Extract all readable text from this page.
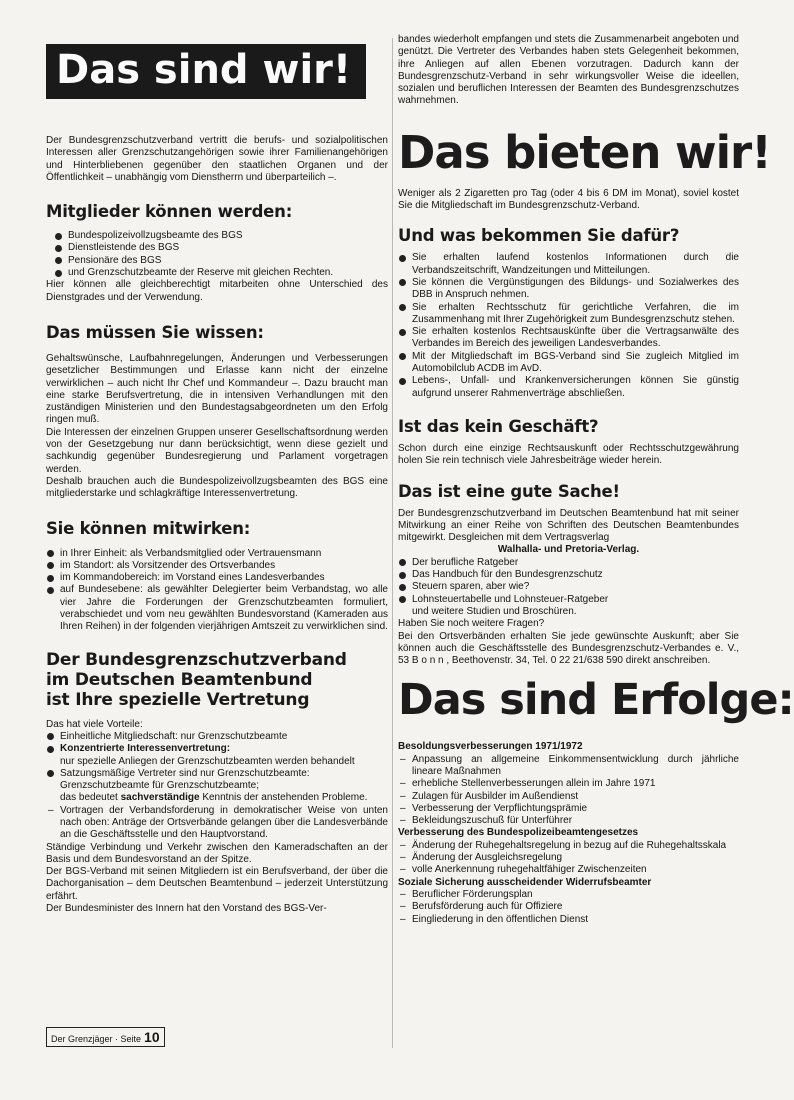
Das sind wir!

Der Bundesgrenzschutzverband vertritt die berufs- und sozialpolitischen Interessen aller Grenzschutzangehörigen sowie ihrer Familienangehörigen und Hinterbliebenen gegenüber den staatlichen Organen und der Öffentlichkeit – unabhängig vom Dienstherrn und überparteilich –.

Mitglieder können werden:
Bundespolizeivollzugsbeamte des BGS
Dienstleistende des BGS
Pensionäre des BGS
und Grenzschutzbeamte der Reserve mit gleichen Rechten.

Hier können alle gleichberechtigt mitarbeiten ohne Unterschied des Dienstgrades und der Verwendung.

Das müssen Sie wissen:

Gehaltswünsche, Laufbahnregelungen, Änderungen und Verbesserungen gesetzlicher Bestimmungen und Erlasse kann nicht der einzelne verwirklichen – auch nicht Ihr Chef und Kommandeur –. Dazu braucht man eine starke Berufsvertretung, die in intensiven Verhandlungen mit den zuständigen Ministerien und den Bundestagsabgeordneten um den Erfolg ringen muß.

Die Interessen der einzelnen Gruppen unserer Gesellschaftsordnung werden von der Gesetzgebung nur dann berücksichtigt, wenn diese gezielt und sachkundig gegenüber Bundesregierung und Parlament vorgetragen werden.

Deshalb brauchen auch die Bundespolizeivollzugsbeamten des BGS eine mitgliederstarke und schlagkräftige Interessenvertretung.

Sie können mitwirken:
in Ihrer Einheit: als Verbandsmitglied oder Vertrauensmann
im Standort: als Vorsitzender des Ortsverbandes
im Kommandobereich: im Vorstand eines Landesverbandes
auf Bundesebene: als gewählter Delegierter beim Verbandstag, wo alle vier Jahre die Forderungen der Grenzschutzbeamten formuliert, verabschiedet und vom neu gewählten Bundesvorstand (Kameraden aus Ihren Reihen) in der folgenden vierjährigen Amtszeit zu verwirklichen sind.
Der Bundesgrenzschutzverband
im Deutschen Beamtenbund
ist Ihre spezielle Vertretung

Das hat viele Vorteile:

Einheitliche Mitgliedschaft: nur Grenzschutzbeamte
Konzentrierte Interessenvertretung:
nur spezielle Anliegen der Grenzschutzbeamten werden behandelt
Satzungsmäßige Vertreter sind nur Grenzschutzbeamte:
Grenzschutzbeamte für Grenzschutzbeamte;
das bedeutet sachverständige Kenntnis der anstehenden Probleme.
– Vortragen der Verbandsforderung in demokratischer Weise von unten nach oben: Anträge der Ortsverbände gelangen über die Landesverbände an die Geschäftsstelle und den Hauptvorstand.

Ständige Verbindung und Verkehr zwischen den Kameradschaften an der Basis und dem Bundesvorstand an der Spitze.

Der BGS-Verband mit seinen Mitgliedern ist ein Berufsverband, der über die Dachorganisation – dem Deutschen Beamtenbund – jederzeit Unterstützung erfährt.

Der Bundesminister des Innern hat den Vorstand des BGS-Ver-

bandes wiederholt empfangen und stets die Zusammenarbeit angeboten und genützt. Die Vertreter des Verbandes haben stets Gelegenheit bekommen, ihre Anliegen auf allen Ebenen vorzutragen. Dadurch kann der Bundesgrenzschutz-Verband in sehr wirkungsvoller Weise die ideellen, sozialen und beruflichen Interessen der Beamten des Bundesgrenzschutzes wahrnehmen.

Das bieten wir!

Weniger als 2 Zigaretten pro Tag (oder 4 bis 6 DM im Monat), soviel kostet Sie die Mitgliedschaft im Bundesgrenzschutz-Verband.

Und was bekommen Sie dafür?
Sie erhalten laufend kostenlos Informationen durch die Verbandszeitschrift, Wandzeitungen und Mitteilungen.
Sie können die Vergünstigungen des Bildungs- und Sozialwerkes des DBB in Anspruch nehmen.
Sie erhalten Rechtsschutz für gerichtliche Verfahren, die im Zusammenhang mit Ihrer Zugehörigkeit zum Bundesgrenzschutz stehen.
Sie erhalten kostenlos Rechtsauskünfte über die Vertragsanwälte des Verbandes im Bereich des jeweiligen Landesverbandes.
Mit der Mitgliedschaft im BGS-Verband sind Sie zugleich Mitglied im Automobilclub ACDB im AvD.
Lebens-, Unfall- und Krankenversicherungen können Sie günstig aufgrund unserer Rahmenverträge abschließen.
Ist das kein Geschäft?

Schon durch eine einzige Rechtsauskunft oder Rechtsschutzgewährung holen Sie rein technisch viele Jahresbeiträge wieder herein.

Das ist eine gute Sache!

Der Bundesgrenzschutzverband im Deutschen Beamtenbund hat mit seiner Mitwirkung an einer Reihe von Schriften des Deutschen Beamtenbundes mitgewirkt. Desgleichen mit dem Vertragsverlag

Walhalla- und Pretoria-Verlag.
Der berufliche Ratgeber
Das Handbuch für den Bundesgrenzschutz
Steuern sparen, aber wie?
Lohnsteuertabelle und Lohnsteuer-Ratgeber
und weitere Studien und Broschüren.

Haben Sie noch weitere Fragen?

Bei den Ortsverbänden erhalten Sie jede gewünschte Auskunft; aber Sie können auch die Geschäftsstelle des Bundesgrenzschutz-Verbandes e. V., 53 B o n n , Beethovenstr. 34, Tel. 0 22 21/638 590 direkt anschreiben.

Das sind Erfolge:
Besoldungsverbesserungen 1971/1972
– Anpassung an allgemeine Einkommensentwicklung durch jährliche lineare Maßnahmen
– erhebliche Stellenverbesserungen allein im Jahre 1971
– Zulagen für Ausbilder im Außendienst
– Verbesserung der Verpflichtungsprämie
– Bekleidungszuschuß für Unterführer
Verbesserung des Bundespolizeibeamtengesetzes
– Änderung der Ruhegehaltsregelung in bezug auf die Ruhegehaltsskala
– Änderung der Ausgleichsregelung
– volle Anerkennung ruhegehaltfähiger Zwischenzeiten
Soziale Sicherung ausscheidender Widerrufsbeamter
– Beruflicher Förderungsplan
– Berufsförderung auch für Offiziere
– Eingliederung in den öffentlichen Dienst
Der Grenzjäger · Seite 10
